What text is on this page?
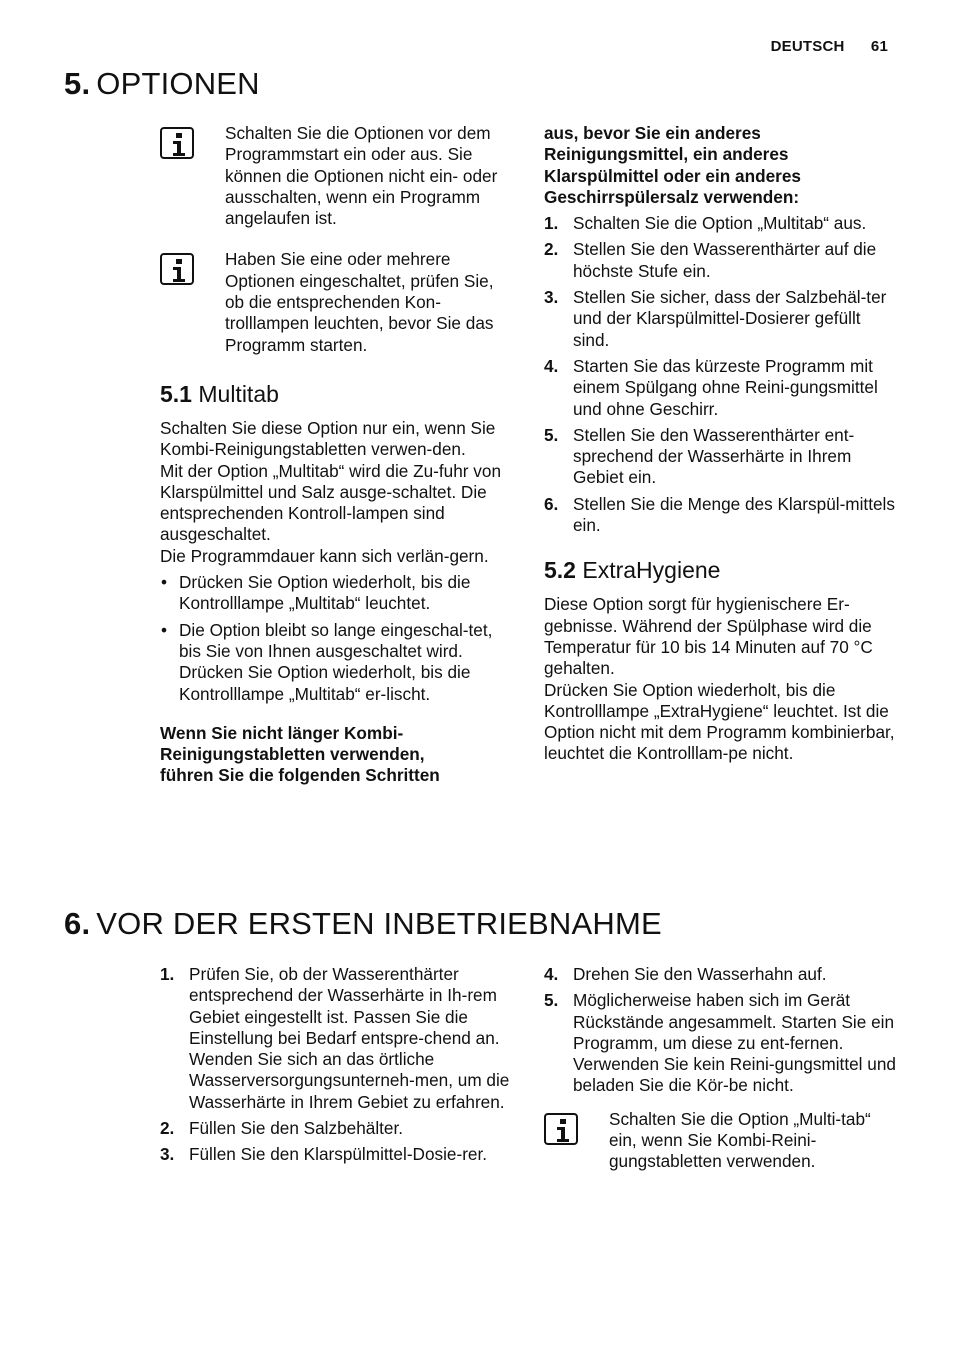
DEUTSCH 61
5. OPTIONEN

Schalten Sie die Optionen vor dem Programmstart ein oder aus. Sie können die Optionen nicht ein- oder ausschalten, wenn ein Programm angelaufen ist.

Haben Sie eine oder mehrere Optionen eingeschaltet, prüfen Sie, ob die entsprechenden Kon-trolllampen leuchten, bevor Sie das Programm starten.

5.1 Multitab

Schalten Sie diese Option nur ein, wenn Sie Kombi-Reinigungstabletten verwen-den.

Mit der Option „Multitab“ wird die Zu-fuhr von Klarspülmittel und Salz ausge-schaltet. Die entsprechenden Kontroll-lampen sind ausgeschaltet.

Die Programmdauer kann sich verlän-gern.

• Drücken Sie Option wiederholt, bis die Kontrolllampe „Multitab“ leuchtet.
• Die Option bleibt so lange eingeschal-tet, bis Sie von Ihnen ausgeschaltet wird. Drücken Sie Option wiederholt, bis die Kontrolllampe „Multitab“ er-lischt.

Wenn Sie nicht länger Kombi-Reinigungstabletten verwenden, führen Sie die folgenden Schritten

aus, bevor Sie ein anderes Reinigungsmittel, ein anderes Klarspülmittel oder ein anderes Geschirrspülersalz verwenden:

1. Schalten Sie die Option „Multitab“ aus.
2. Stellen Sie den Wasserenthärter auf die höchste Stufe ein.
3. Stellen Sie sicher, dass der Salzbehäl-ter und der Klarspülmittel-Dosierer gefüllt sind.
4. Starten Sie das kürzeste Programm mit einem Spülgang ohne Reini-gungsmittel und ohne Geschirr.
5. Stellen Sie den Wasserenthärter ent-sprechend der Wasserhärte in Ihrem Gebiet ein.
6. Stellen Sie die Menge des Klarspül-mittels ein.
5.2 ExtraHygiene

Diese Option sorgt für hygienischere Er-gebnisse. Während der Spülphase wird die Temperatur für 10 bis 14 Minuten auf 70 °C gehalten.

Drücken Sie Option wiederholt, bis die Kontrolllampe „ExtraHygiene“ leuchtet. Ist die Option nicht mit dem Programm kombinierbar, leuchtet die Kontrolllam-pe nicht.

6. VOR DER ERSTEN INBETRIEBNAHME
1. Prüfen Sie, ob der Wasserenthärter entsprechend der Wasserhärte in Ih-rem Gebiet eingestellt ist. Passen Sie die Einstellung bei Bedarf entspre-chend an. Wenden Sie sich an das örtliche Wasserversorgungsunterneh-men, um die Wasserhärte in Ihrem Gebiet zu erfahren.
2. Füllen Sie den Salzbehälter.
3. Füllen Sie den Klarspülmittel-Dosie-rer.
4. Drehen Sie den Wasserhahn auf.
5. Möglicherweise haben sich im Gerät Rückstände angesammelt. Starten Sie ein Programm, um diese zu ent-fernen. Verwenden Sie kein Reini-gungsmittel und beladen Sie die Kör-be nicht.

Schalten Sie die Option „Multi-tab“ ein, wenn Sie Kombi-Reini-gungstabletten verwenden.
